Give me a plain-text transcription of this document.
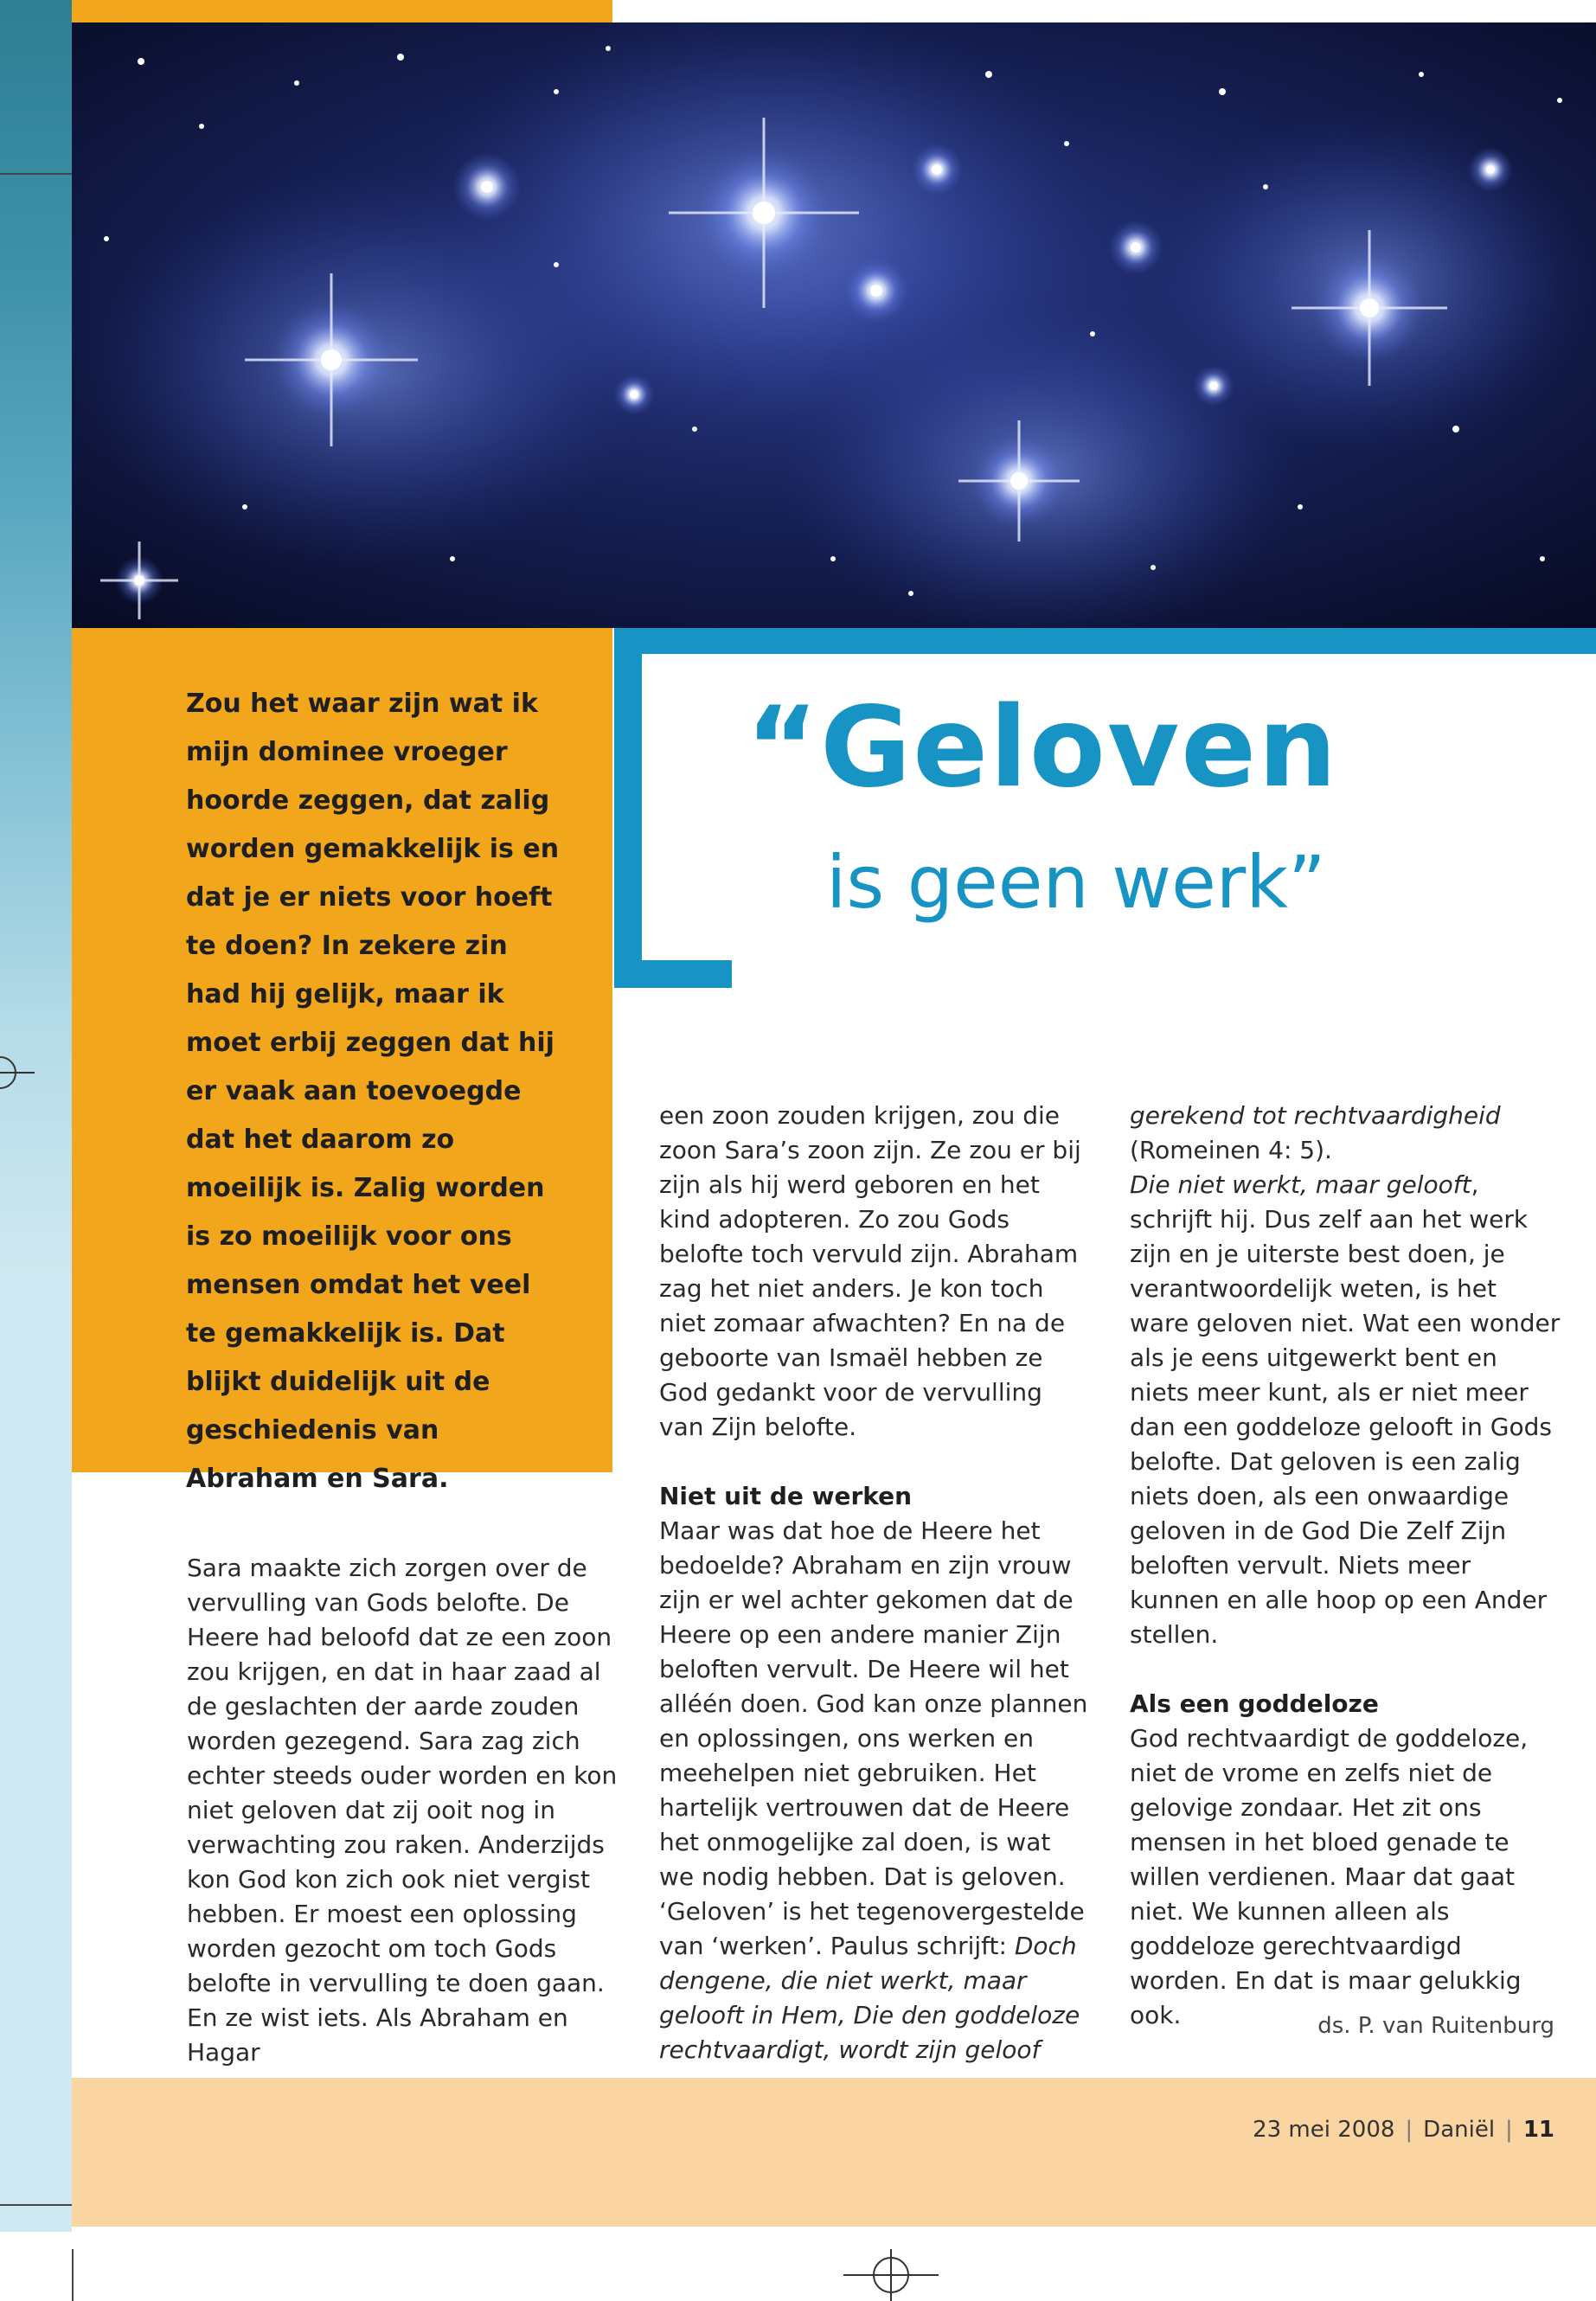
Zou het waar zijn wat ik mijn dominee vroeger hoorde zeggen, dat zalig worden gemakkelijk is en dat je er niets voor hoeft te doen? In zekere zin had hij gelijk, maar ik moet erbij zeggen dat hij er vaak aan toevoegde dat het daarom zo moeilijk is. Zalig worden is zo moeilijk voor ons mensen omdat het veel te gemakkelijk is. Dat blijkt duidelijk uit de geschiedenis van Abraham en Sara.

“Geloven
is geen werk”

Sara maakte zich zorgen over de vervulling van Gods belofte. De Heere had beloofd dat ze een zoon zou krijgen, en dat in haar zaad al de geslachten der aarde zouden worden gezegend. Sara zag zich echter steeds ouder worden en kon niet geloven dat zij ooit nog in verwachting zou raken. Anderzijds kon God kon zich ook niet vergist hebben. Er moest een oplossing worden gezocht om toch Gods belofte in vervulling te doen gaan. En ze wist iets. Als Abraham en Hagar

een zoon zouden krijgen, zou die zoon Sara’s zoon zijn. Ze zou er bij zijn als hij werd geboren en het kind adopteren. Zo zou Gods belofte toch vervuld zijn. Abraham zag het niet anders. Je kon toch niet zomaar afwachten? En na de geboorte van Ismaël hebben ze God gedankt voor de vervulling van Zijn belofte.

Niet uit de werken

Maar was dat hoe de Heere het bedoelde? Abraham en zijn vrouw zijn er wel achter gekomen dat de Heere op een andere manier Zijn beloften vervult. De Heere wil het alléén doen. God kan onze plannen en oplossingen, ons werken en meehelpen niet gebruiken. Het hartelijk vertrouwen dat de Heere het onmogelijke zal doen, is wat we nodig hebben. Dat is geloven. ‘Geloven’ is het tegenovergestelde van ‘werken’. Paulus schrijft: Doch dengene, die niet werkt, maar gelooft in Hem, Die den goddeloze rechtvaardigt, wordt zijn geloof

gerekend tot rechtvaardigheid
(Romeinen 4: 5).
Die niet werkt, maar gelooft, schrijft hij. Dus zelf aan het werk zijn en je uiterste best doen, je verantwoordelijk weten, is het ware geloven niet. Wat een wonder als je eens uitgewerkt bent en niets meer kunt, als er niet meer dan een goddeloze gelooft in Gods belofte. Dat geloven is een zalig niets doen, als een onwaardige geloven in de God Die Zelf Zijn beloften vervult. Niets meer kunnen en alle hoop op een Ander stellen.

Als een goddeloze

God rechtvaardigt de goddeloze, niet de vrome en zelfs niet de gelovige zondaar. Het zit ons mensen in het bloed genade te willen verdienen. Maar dat gaat niet. We kunnen alleen als goddeloze gerechtvaardigd worden. En dat is maar gelukkig ook.	ds. P. van Ruitenburg

23 mei 2008 | Daniël | 11
